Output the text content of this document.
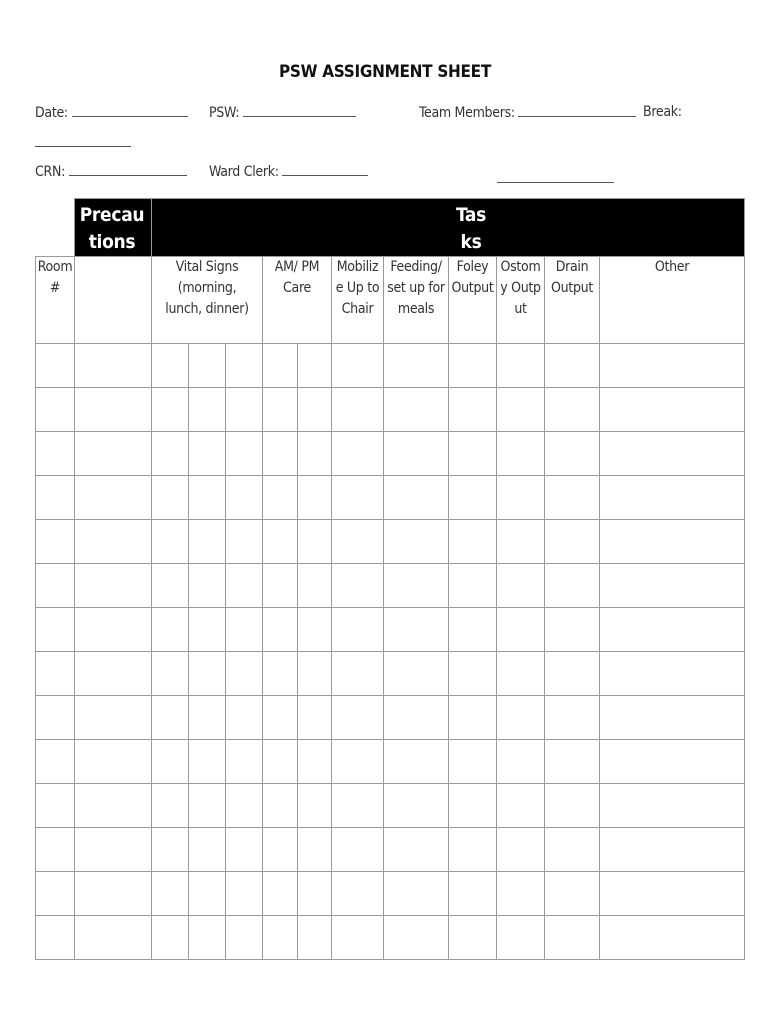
PSW ASSIGNMENT SHEET
Date:	PSW:	Team Members:	Break:
CRN:	Ward Clerk:

	Precautions	Tasks										

Room #		Vital Signs (morning, lunch, dinner)			AM/ PM Care		Mobilize Up to Chair	Feeding/ set up for meals	Foley Output	Ostomy Output	Drain Output	Other
